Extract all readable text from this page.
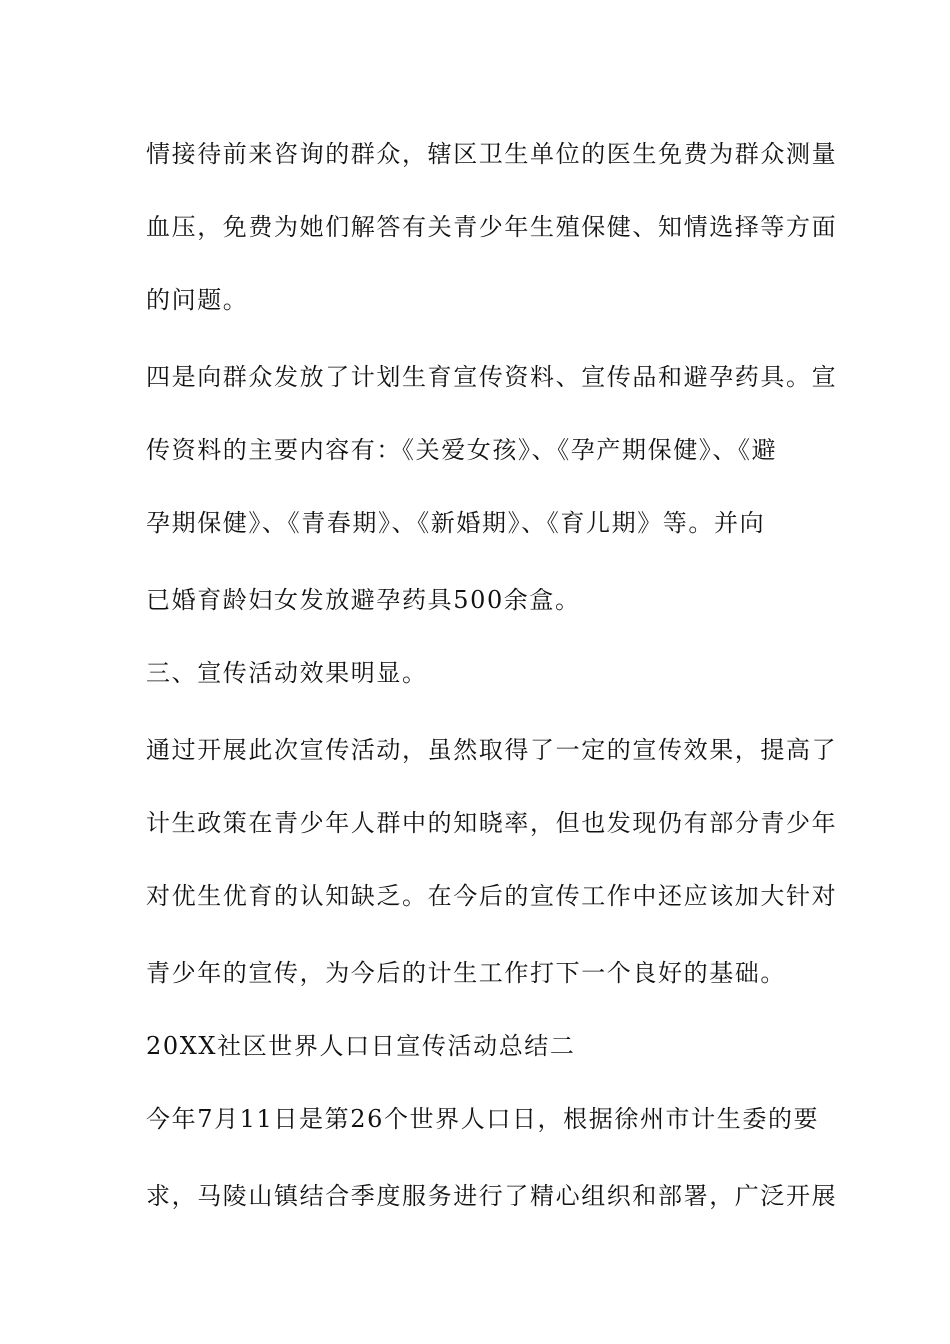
情接待前来咨询的群众，辖区卫生单位的医生免费为群众测量
血压，免费为她们解答有关青少年生殖保健、知情选择等方面
的问题。
四是向群众发放了计划生育宣传资料、宣传品和避孕药具。宣
传资料的主要内容有：《关爱女孩》、《孕产期保健》、《避
孕期保健》、《青春期》、《新婚期》、《育儿期》等。并向
已婚育龄妇女发放避孕药具500余盒。
三、宣传活动效果明显。
通过开展此次宣传活动，虽然取得了一定的宣传效果，提高了
计生政策在青少年人群中的知晓率，但也发现仍有部分青少年
对优生优育的认知缺乏。在今后的宣传工作中还应该加大针对
青少年的宣传，为今后的计生工作打下一个良好的基础。
20XX社区世界人口日宣传活动总结二
今年7月11日是第26个世界人口日，根据徐州市计生委的要
求，马陵山镇结合季度服务进行了精心组织和部署，广泛开展
